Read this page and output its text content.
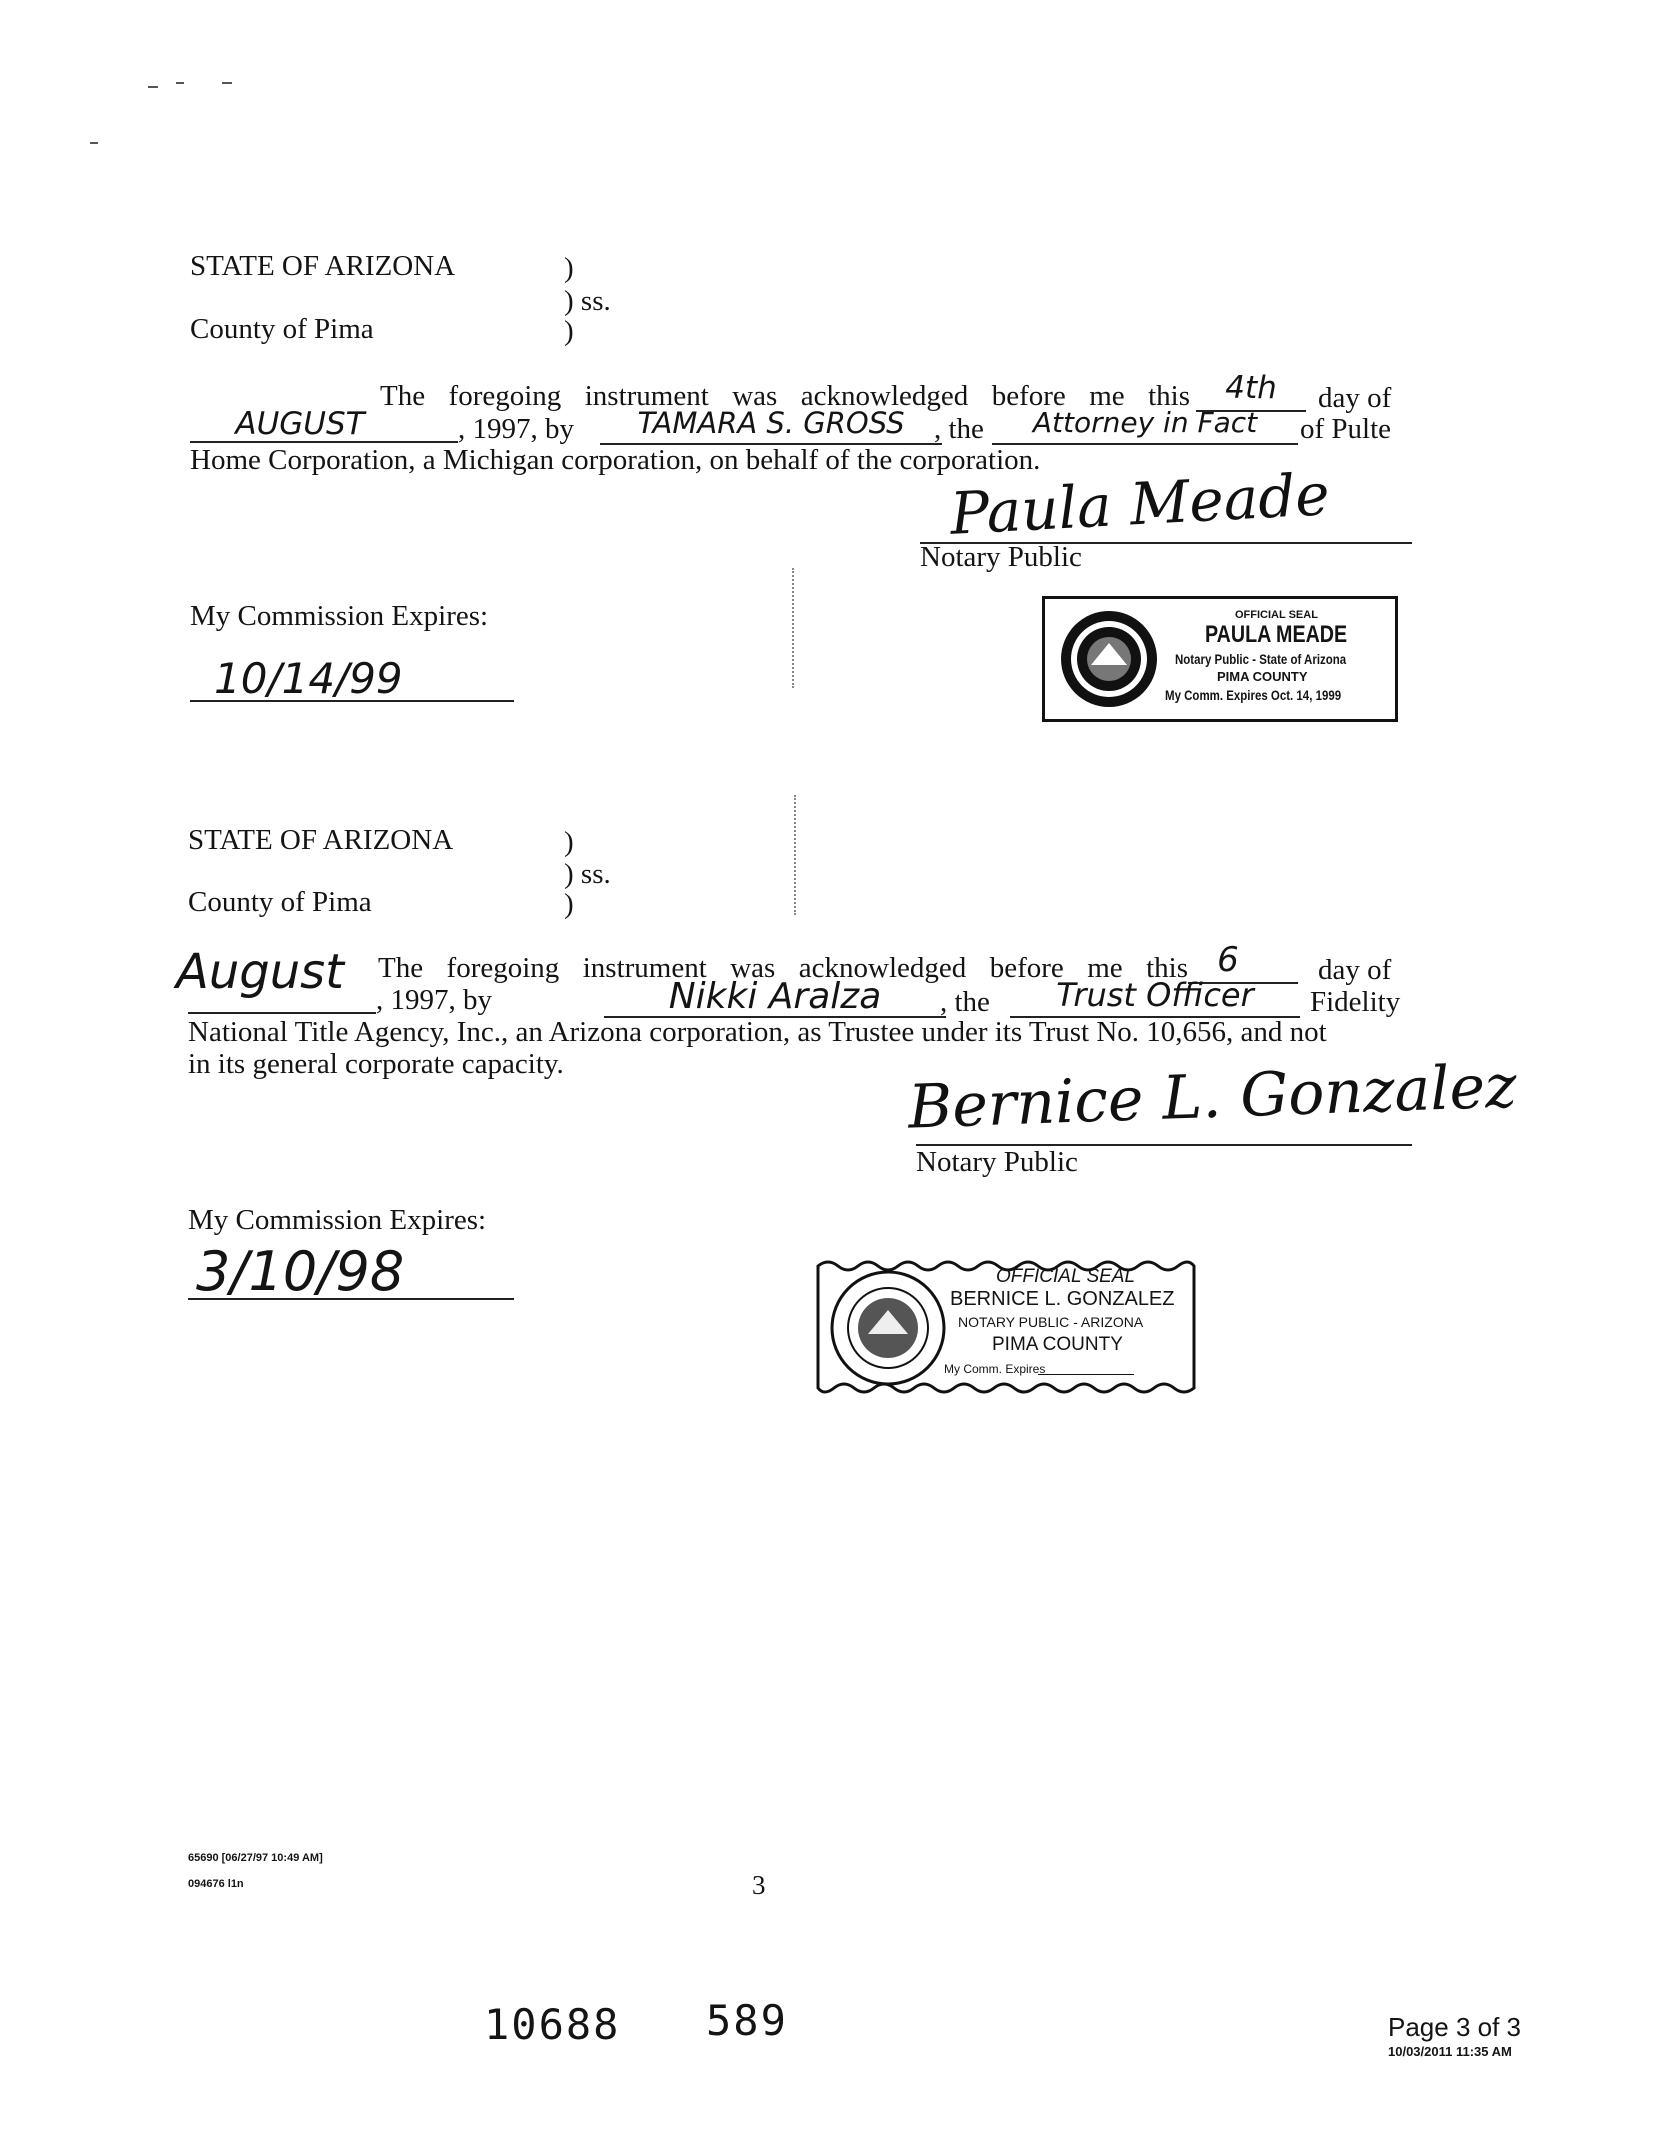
STATE OF ARIZONA	)
) ss.
)
County of Pima
The foregoing instrument was acknowledged before me this	4th	day of
AUGUST	, 1997, by	TAMARA S. GROSS	, the	Attorney in Fact	of Pulte
Home Corporation, a Michigan corporation, on behalf of the corporation.
Paula Meade
Notary Public
My Commission Expires:
10/14/99
OFFICIAL SEAL
PAULA MEADE
Notary Public - State of Arizona
PIMA COUNTY
My Comm. Expires Oct. 14, 1999
STATE OF ARIZONA	)
) ss.
)
County of Pima
August The foregoing instrument was acknowledged before me this 6	day of
, 1997, by	Nikki Aralza	, the	Trust Officer	Fidelity
National Title Agency, Inc., an Arizona corporation, as Trustee under its Trust No. 10,656, and not
in its general corporate capacity.	Bernice L. Gonzalez
Notary Public
My Commission Expires:
3/10/98	OFFICIAL SEAL
BERNICE L. GONZALEZ
NOTARY PUBLIC - ARIZONA
PIMA COUNTY
My Comm. Expires
65690 [06/27/97 10:49 AM]
094676 l1n	3
10688 589	Page 3 of 3
10/03/2011 11:35 AM
